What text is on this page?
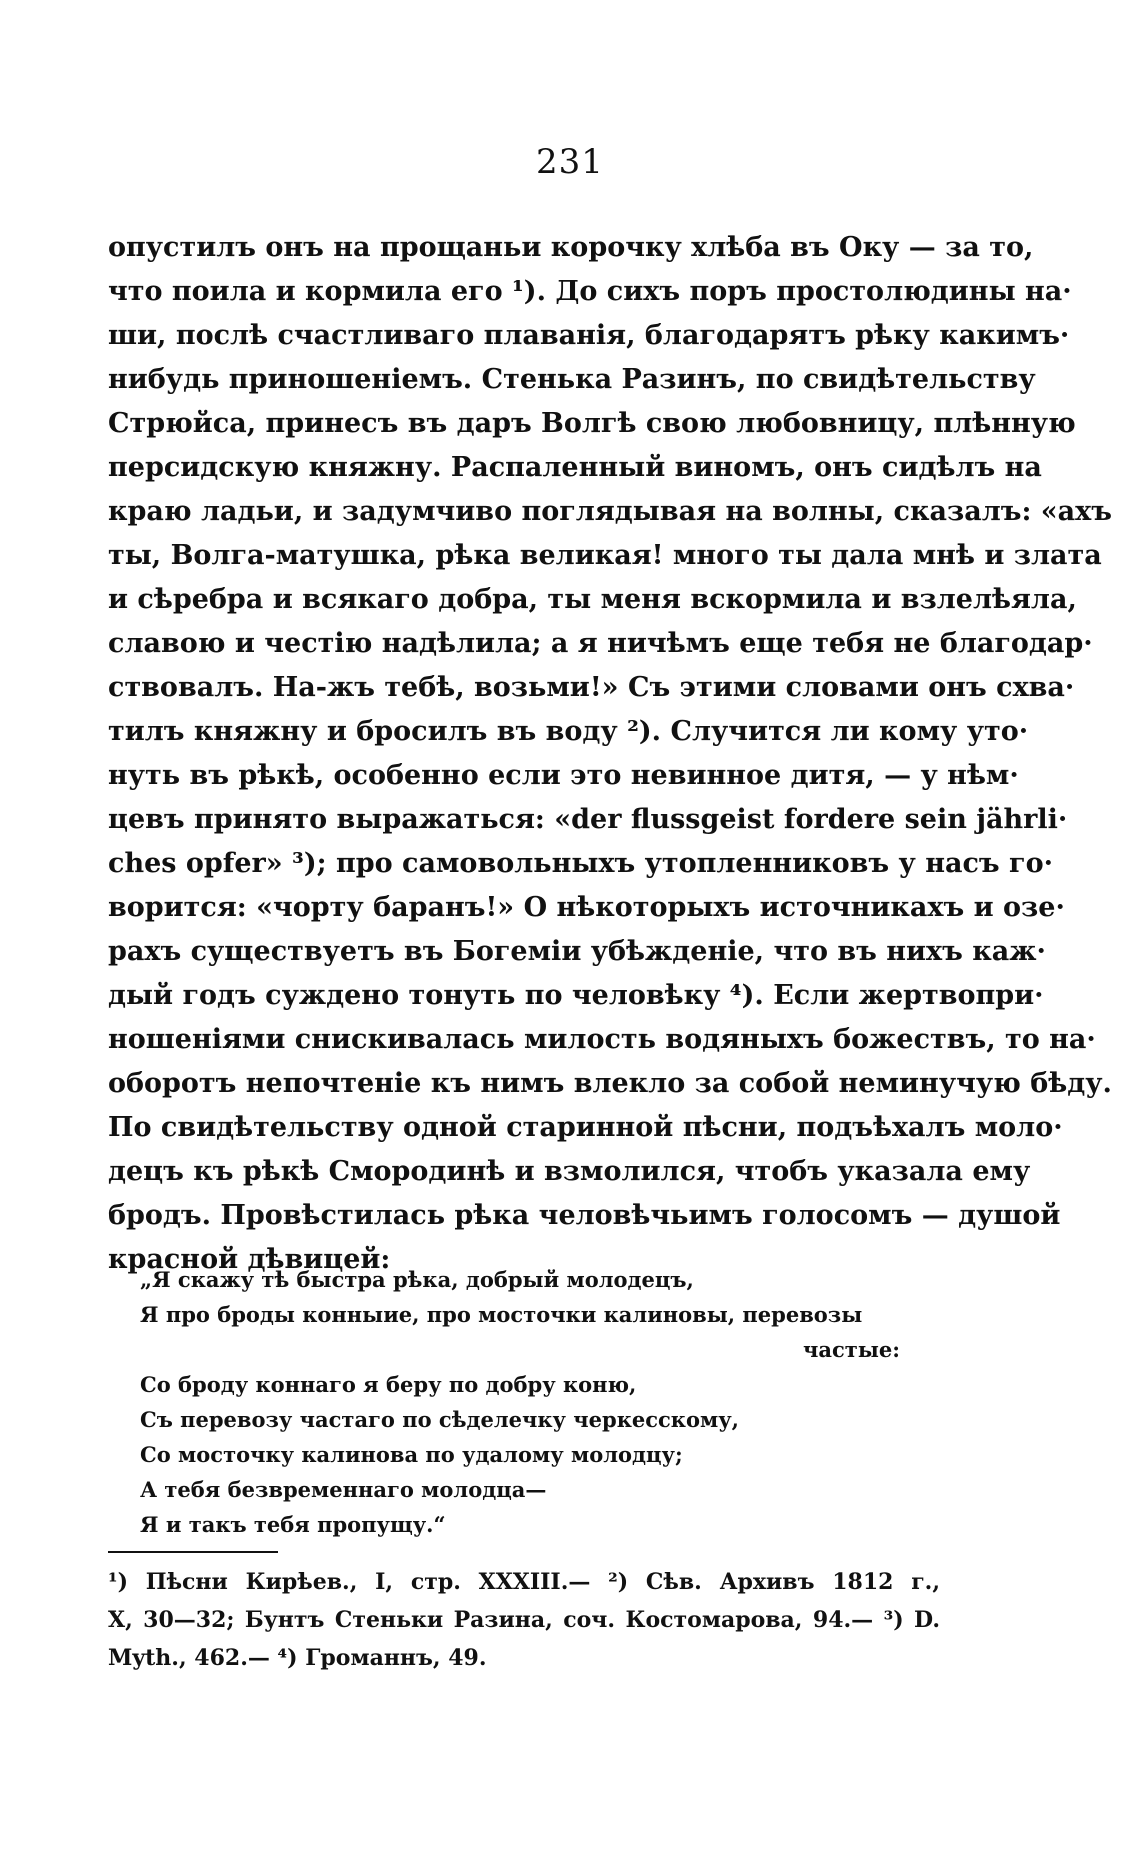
231
опустилъ онъ на прощаньи корочку хлѣба въ Оку — за то,
что поила и кормила его ¹). До сихъ поръ простолюдины на·
ши, послѣ счастливаго плаванія, благодарятъ рѣку какимъ·
нибудь приношеніемъ. Стенька Разинъ, по свидѣтельству
Стрюйса, принесъ въ даръ Волгѣ свою любовницу, плѣнную
персидскую княжну. Распаленный виномъ, онъ сидѣлъ на
краю ладьи, и задумчиво поглядывая на волны, сказалъ: «ахъ
ты, Волга-матушка, рѣка великая! много ты дала мнѣ и злата
и сѣребра и всякаго добра, ты меня вскормила и взлелѣяла,
славою и честію надѣлила; а я ничѣмъ еще тебя не благодар·
ствовалъ. На-жъ тебѣ, возьми!» Съ этими словами онъ схва·
тилъ княжну и бросилъ въ воду ²). Случится ли кому уто·
нуть въ рѣкѣ, особенно если это невинное дитя, — у нѣм·
цевъ принято выражаться: «der flussgeist fordere sein jährli·
ches opfer» ³); про самовольныхъ утопленниковъ у насъ го·
ворится: «чорту баранъ!» О нѣкоторыхъ источникахъ и озе·
рахъ существуетъ въ Богеміи убѣжденіе, что въ нихъ каж·
дый годъ суждено тонуть по человѣку ⁴). Если жертвопри·
ношеніями снискивалась милость водяныхъ божествъ, то на·
оборотъ непочтеніе къ нимъ влекло за собой неминучую бѣду.
По свидѣтельству одной старинной пѣсни, подъѣхалъ моло·
децъ къ рѣкѣ Смородинѣ и взмолился, чтобъ указала ему
бродъ. Провѣстилась рѣка человѣчьимъ голосомъ — душой
красной дѣвицей:
„Я скажу тѣ быстра рѣка, добрый молодецъ,
Я про броды конныие, про мосточки калиновы, перевозы
частые:
Со броду коннаго я беру по добру коню,
Съ перевозу частаго по сѣделечку черкесскому,
Со мосточку калинова по удалому молодцу;
А тебя безвременнаго молодца—
Я и такъ тебя пропущу.“
¹) Пѣсни Кирѣев., I, стр. XXXIII.— ²) Сѣв. Архивъ 1812 г.,
X, 30—32; Бунтъ Стеньки Разина, соч. Костомарова, 94.— ³) D.
Myth., 462.— ⁴) Громаннъ, 49.
